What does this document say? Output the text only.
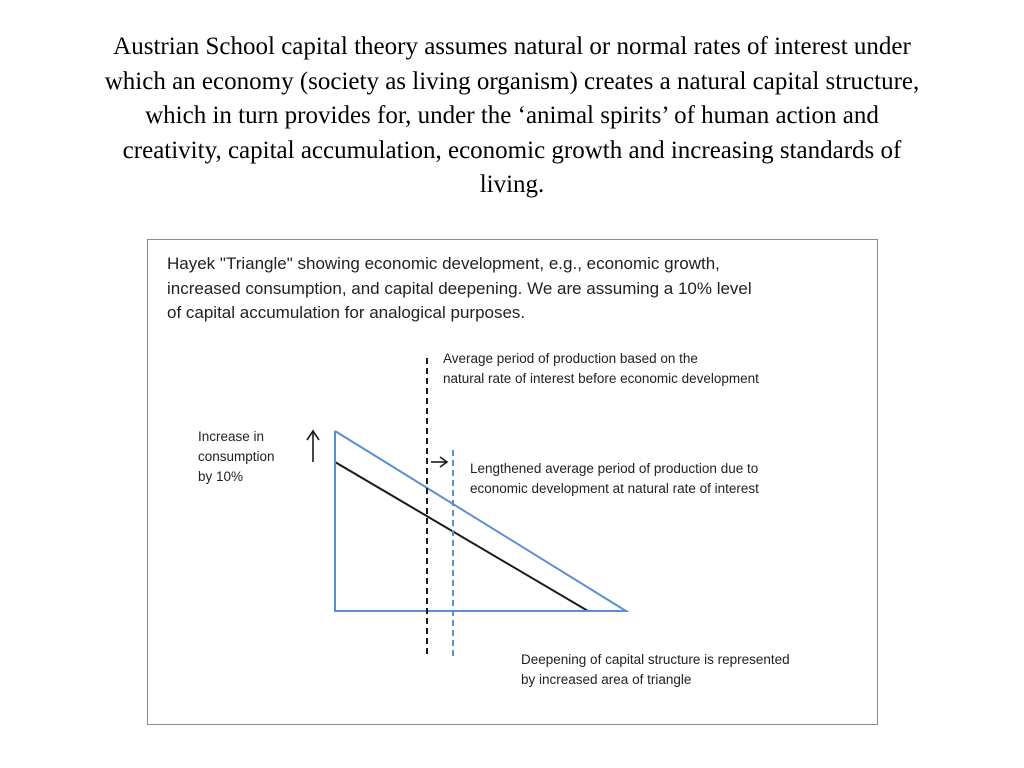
Austrian School capital theory assumes natural or normal rates of interest under
which an economy (society as living organism) creates a natural capital structure,
which in turn provides for, under the ‘animal spirits’ of human action and
creativity, capital accumulation, economic growth and increasing standards of
living.
Hayek "Triangle" showing economic development, e.g., economic growth,
increased consumption, and capital deepening. We are assuming a 10% level
of capital accumulation for analogical purposes.
Average period of production based on the
natural rate of interest before economic development
Increase in
consumption
by 10%
Lengthened average period of production due to
economic development at natural rate of interest
Deepening of capital structure is represented
by increased area of triangle
